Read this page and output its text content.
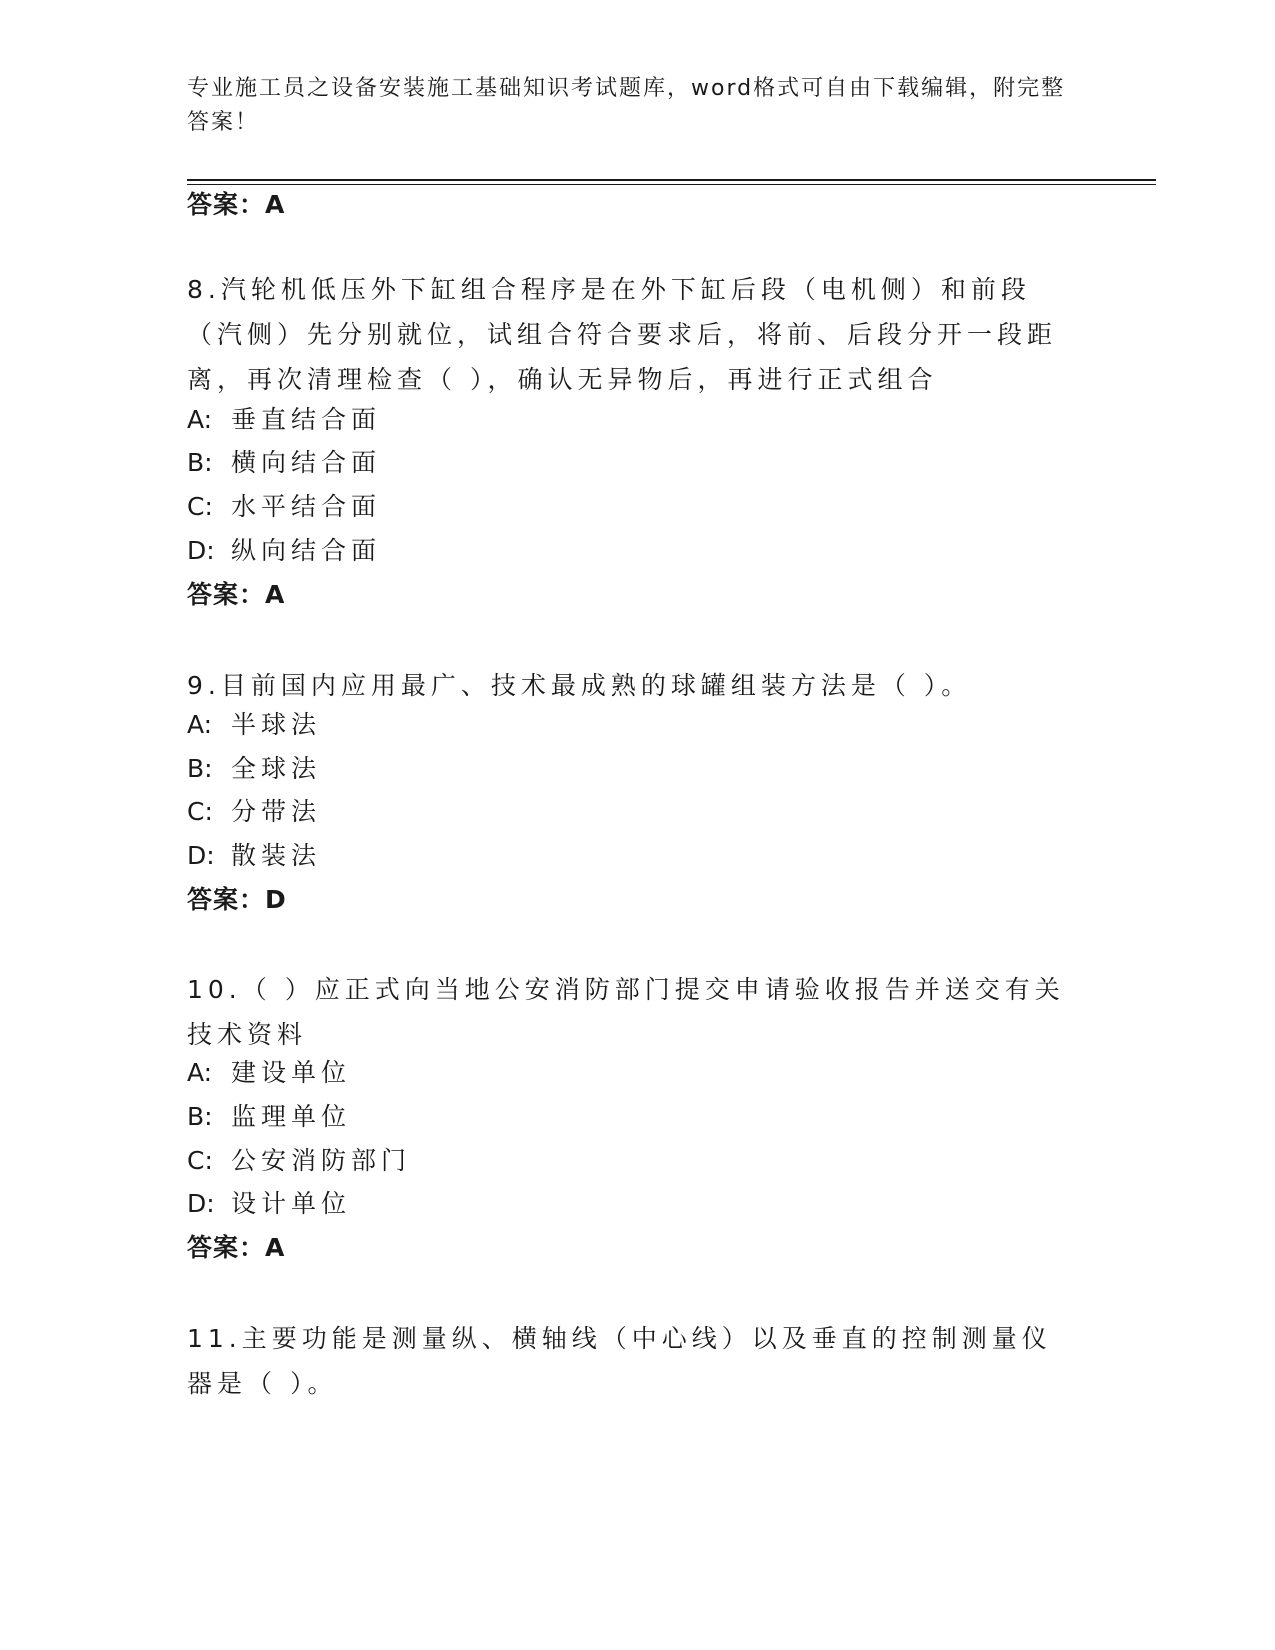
专业施工员之设备安装施工基础知识考试题库，word格式可自由下载编辑，附完整答案！
答案：A
8.汽轮机低压外下缸组合程序是在外下缸后段（电机侧）和前段（汽侧）先分别就位，试组合符合要求后，将前、后段分开一段距离，再次清理检查（ ），确认无异物后，再进行正式组合
A: 垂直结合面
B: 横向结合面
C: 水平结合面
D: 纵向结合面
答案：A
9.目前国内应用最广、技术最成熟的球罐组装方法是（ ）。
A: 半球法
B: 全球法
C: 分带法
D: 散装法
答案：D
10.（ ）应正式向当地公安消防部门提交申请验收报告并送交有关技术资料
A: 建设单位
B: 监理单位
C: 公安消防部门
D: 设计单位
答案：A
11.主要功能是测量纵、横轴线（中心线）以及垂直的控制测量仪器是（ ）。
